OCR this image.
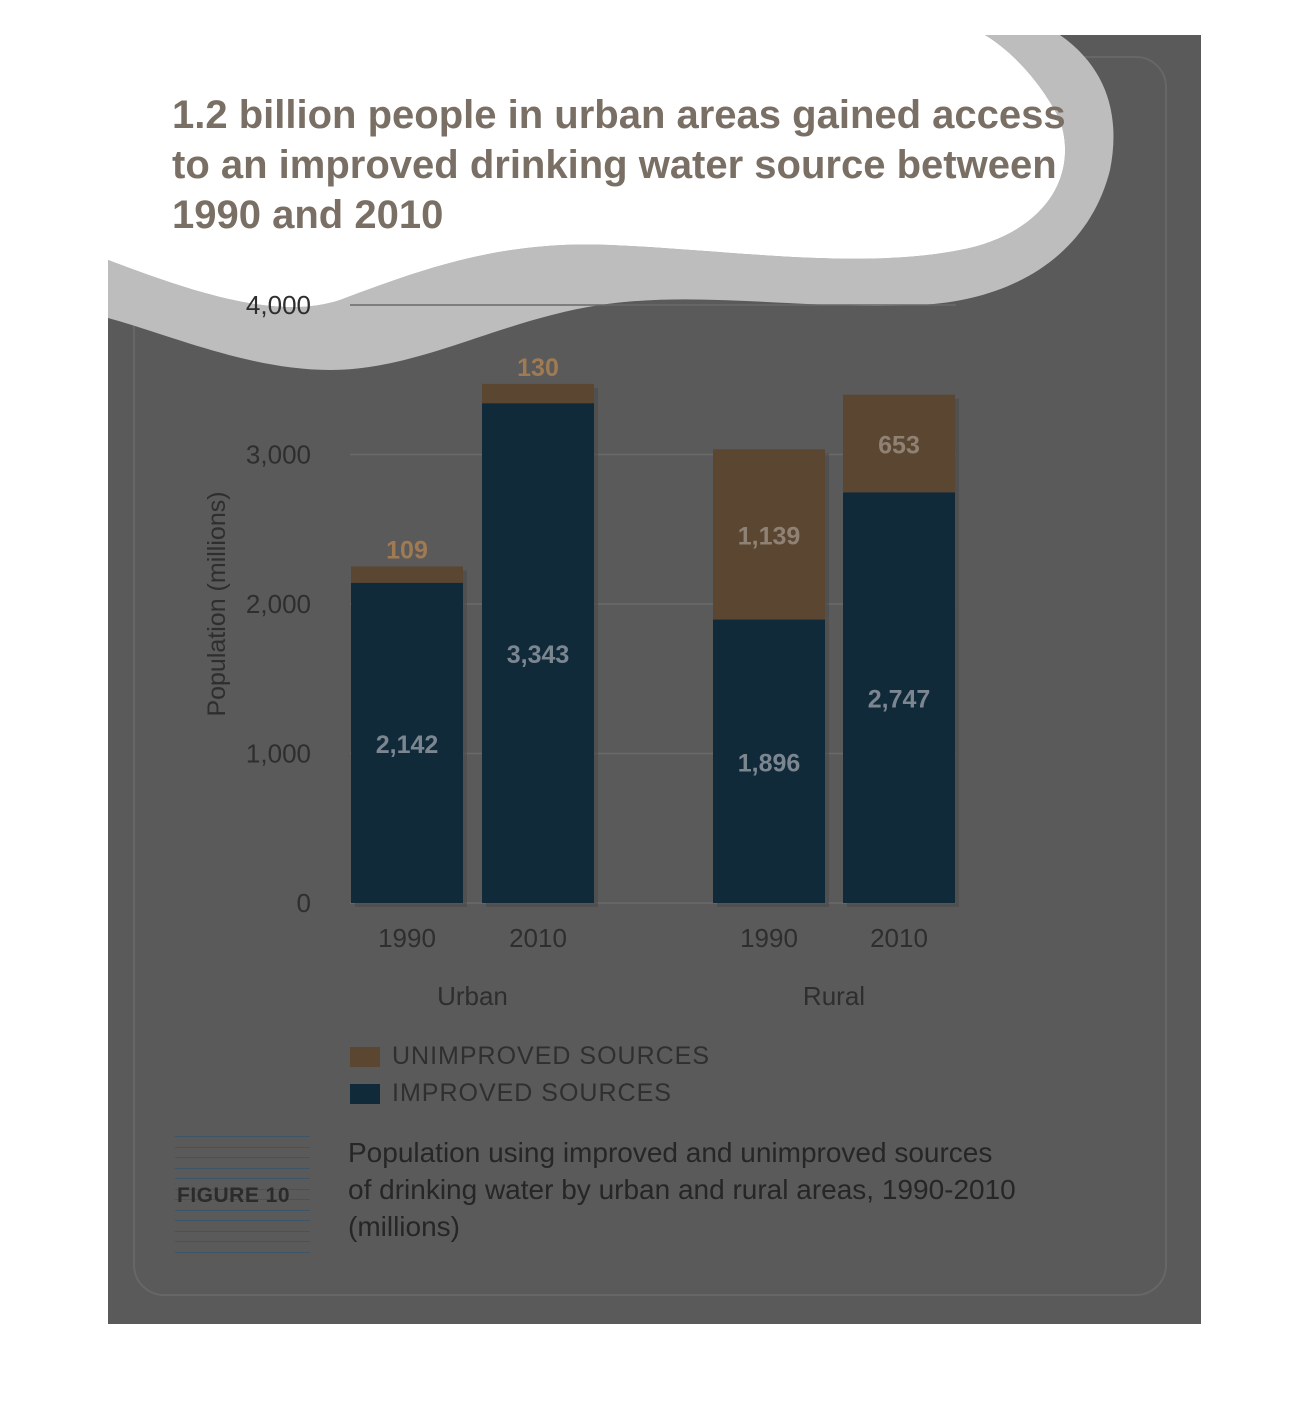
0
1,000
2,000
3,000
4,000
Population (millions)
2,142
109
3,343
130
1,896
1,139
2,747
653
1990	2010	1990	2010
Urban	Rural
1.2 billion people in urban areas gained access
to an improved drinking water source between
1990 and 2010
UNIMPROVED SOURCES
IMPROVED SOURCES
FIGURE 10
Population using improved and unimproved sources
of drinking water by urban and rural areas, 1990-2010
(millions)
